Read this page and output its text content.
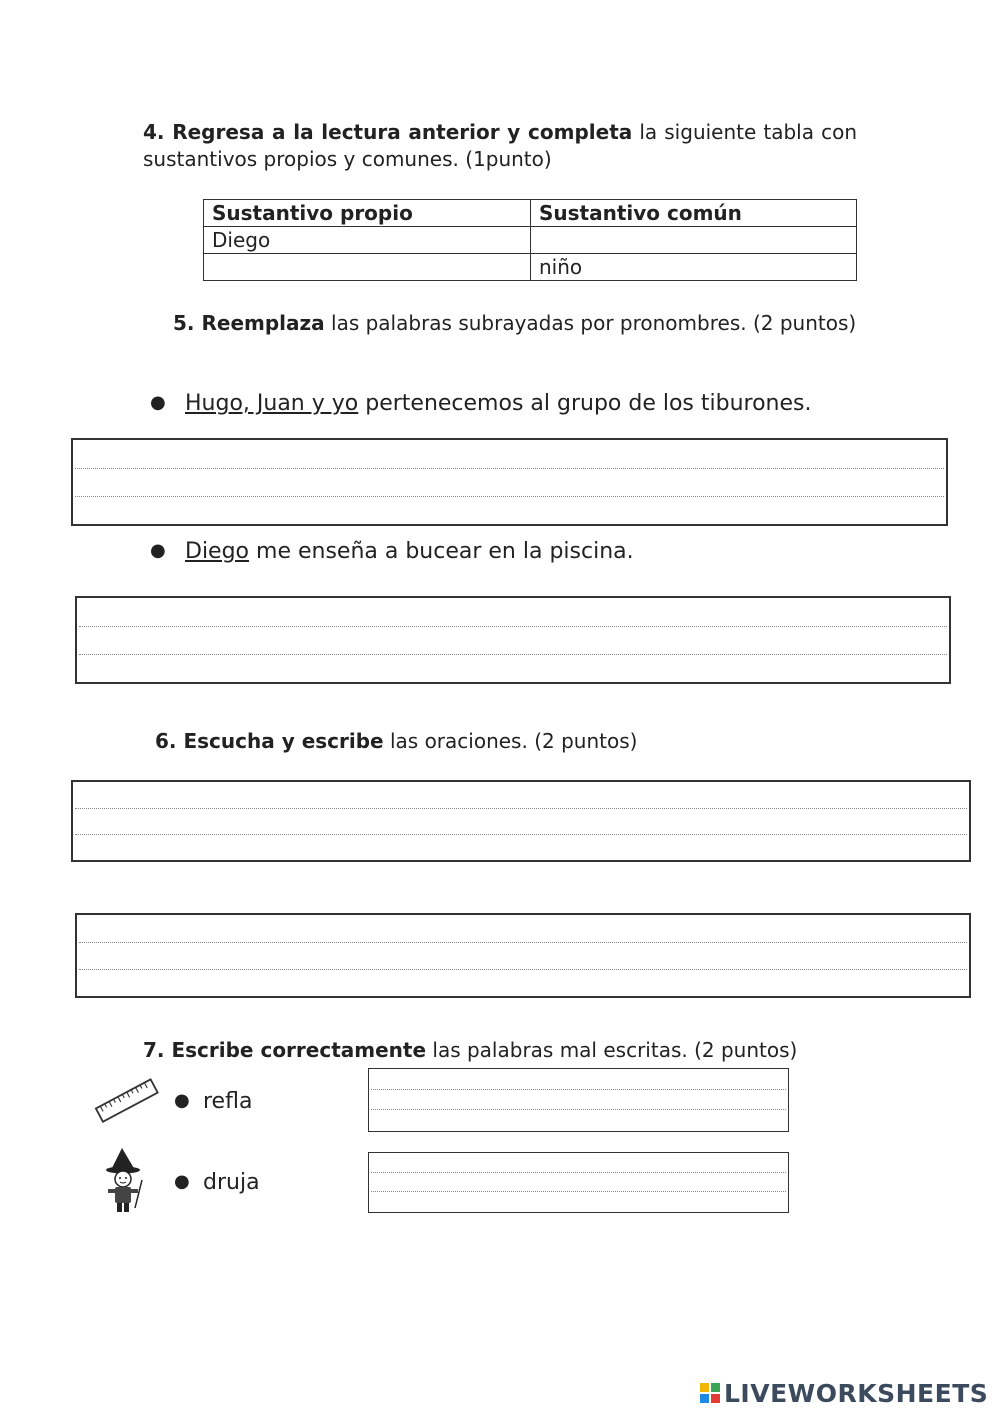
4. Regresa a la lectura anterior y completa la siguiente tabla con sustantivos propios y comunes. (1punto)
Sustantivo propio	Sustantivo común
Diego	
	niño
5. Reemplaza las palabras subrayadas por pronombres. (2 puntos)
● Hugo, Juan y yo pertenecemos al grupo de los tiburones.
● Diego me enseña a bucear en la piscina.
6. Escucha y escribe las oraciones. (2 puntos)
7. Escribe correctamente las palabras mal escritas. (2 puntos)
● refla
● druja
LIVEWORKSHEETS
